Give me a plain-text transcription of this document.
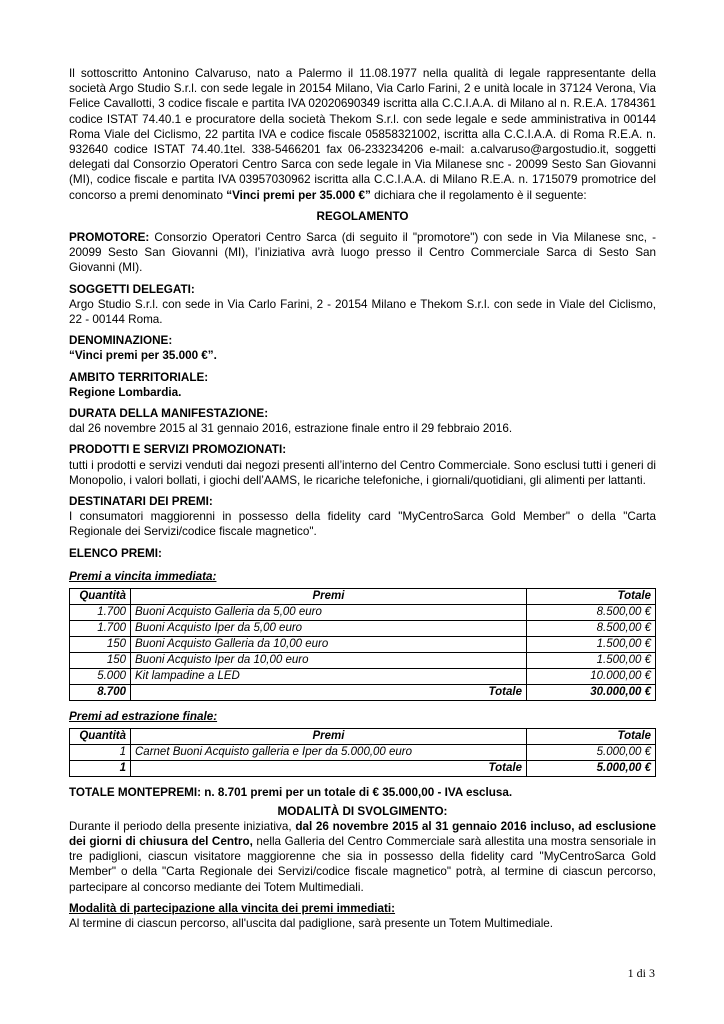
Il sottoscritto Antonino Calvaruso, nato a Palermo il 11.08.1977 nella qualità di legale rappresentante della società Argo Studio S.r.l. con sede legale in 20154 Milano, Via Carlo Farini, 2 e unità locale in 37124 Verona, Via Felice Cavallotti, 3 codice fiscale e partita IVA 02020690349 iscritta alla C.C.I.A.A. di Milano al n. R.E.A. 1784361 codice ISTAT 74.40.1 e procuratore della società Thekom S.r.l. con sede legale e sede amministrativa in 00144 Roma Viale del Ciclismo, 22 partita IVA e codice fiscale 05858321002, iscritta alla C.C.I.A.A. di Roma R.E.A. n. 932640 codice ISTAT 74.40.1tel. 338-5466201 fax 06-233234206 e-mail: a.calvaruso@argostudio.it, soggetti delegati dal Consorzio Operatori Centro Sarca con sede legale in Via Milanese snc - 20099 Sesto San Giovanni (MI), codice fiscale e partita IVA 03957030962 iscritta alla C.C.I.A.A. di Milano R.E.A. n. 1715079 promotrice del concorso a premi denominato “Vinci premi per 35.000 €” dichiara che il regolamento è il seguente:

REGOLAMENTO

PROMOTORE: Consorzio Operatori Centro Sarca (di seguito il "promotore") con sede in Via Milanese snc, - 20099 Sesto San Giovanni (MI), l’iniziativa avrà luogo presso il Centro Commerciale Sarca di Sesto San Giovanni (MI).

SOGGETTI DELEGATI:

Argo Studio S.r.l. con sede in Via Carlo Farini, 2 - 20154 Milano e Thekom S.r.l. con sede in Viale del Ciclismo, 22 - 00144 Roma.

DENOMINAZIONE:

“Vinci premi per 35.000 €”.

AMBITO TERRITORIALE:

Regione Lombardia.

DURATA DELLA MANIFESTAZIONE:

dal 26 novembre 2015 al 31 gennaio 2016, estrazione finale entro il 29 febbraio 2016.

PRODOTTI E SERVIZI PROMOZIONATI:

tutti i prodotti e servizi venduti dai negozi presenti all’interno del Centro Commerciale. Sono esclusi tutti i generi di Monopolio, i valori bollati, i giochi dell’AAMS, le ricariche telefoniche, i giornali/quotidiani, gli alimenti per lattanti.

DESTINATARI DEI PREMI:

I consumatori maggiorenni in possesso della fidelity card "MyCentroSarca Gold Member" o della "Carta Regionale dei Servizi/codice fiscale magnetico".

ELENCO PREMI:

Premi a vincita immediata:

Quantità	Premi	Totale
1.700	Buoni Acquisto Galleria da 5,00 euro	8.500,00 €
1.700	Buoni Acquisto Iper da 5,00 euro	8.500,00 €
150	Buoni Acquisto Galleria da 10,00 euro	1.500,00 €
150	Buoni Acquisto Iper da 10,00 euro	1.500,00 €
5.000	Kit lampadine a LED	10.000,00 €
8.700	Totale	30.000,00 €

Premi ad estrazione finale:

Quantità	Premi	Totale
1	Carnet Buoni Acquisto galleria e Iper da 5.000,00 euro	5.000,00 €
1	Totale	5.000,00 €

TOTALE MONTEPREMI: n. 8.701 premi per un totale di € 35.000,00 - IVA esclusa.

MODALITÀ DI SVOLGIMENTO:

Durante il periodo della presente iniziativa, dal 26 novembre 2015 al 31 gennaio 2016 incluso, ad esclusione dei giorni di chiusura del Centro, nella Galleria del Centro Commerciale sarà allestita una mostra sensoriale in tre padiglioni, ciascun visitatore maggiorenne che sia in possesso della fidelity card "MyCentroSarca Gold Member" o della "Carta Regionale dei Servizi/codice fiscale magnetico" potrà, al termine di ciascun percorso, partecipare al concorso mediante dei Totem Multimediali.

Modalità di partecipazione alla vincita dei premi immediati:

Al termine di ciascun percorso, all'uscita dal padiglione, sarà presente un Totem Multimediale.

1 di 3
